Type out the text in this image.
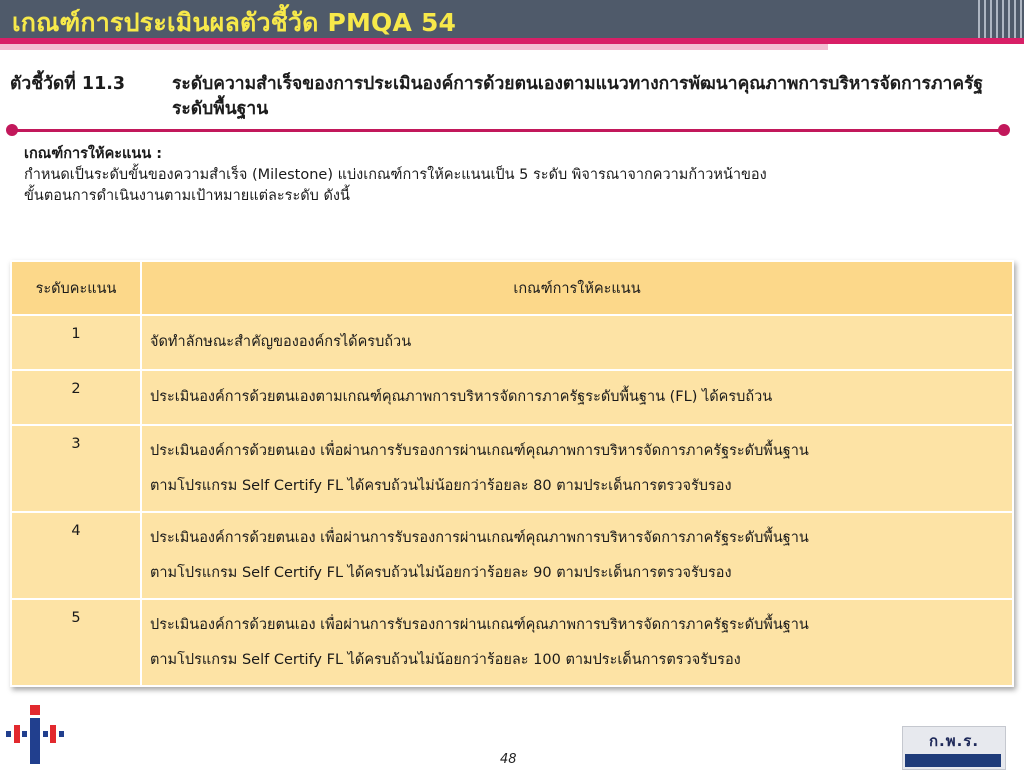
เกณฑ์การประเมินผลตัวชี้วัด PMQA 54
ตัวชี้วัดที่ 11.3	ระดับความสำเร็จของการประเมินองค์การด้วยตนเองตามแนวทางการพัฒนาคุณภาพการบริหารจัดการภาครัฐระดับพื้นฐาน
เกณฑ์การให้คะแนน :
กำหนดเป็นระดับขั้นของความสำเร็จ (Milestone) แบ่งเกณฑ์การให้คะแนนเป็น 5 ระดับ พิจารณาจากความก้าวหน้าของ
ขั้นตอนการดำเนินงานตามเป้าหมายแต่ละระดับ ดังนี้
ระดับคะแนน	เกณฑ์การให้คะแนน
1	จัดทำลักษณะสำคัญขององค์กรได้ครบถ้วน

2	ประเมินองค์การด้วยตนเองตามเกณฑ์คุณภาพการบริหารจัดการภาครัฐระดับพื้นฐาน (FL) ได้ครบถ้วน

3	ประเมินองค์การด้วยตนเอง เพื่อผ่านการรับรองการผ่านเกณฑ์คุณภาพการบริหารจัดการภาครัฐระดับพื้นฐาน
ตามโปรแกรม Self Certify FL ได้ครบถ้วนไม่น้อยกว่าร้อยละ 80 ตามประเด็นการตรวจรับรอง

4	ประเมินองค์การด้วยตนเอง เพื่อผ่านการรับรองการผ่านเกณฑ์คุณภาพการบริหารจัดการภาครัฐระดับพื้นฐาน
ตามโปรแกรม Self Certify FL ได้ครบถ้วนไม่น้อยกว่าร้อยละ 90 ตามประเด็นการตรวจรับรอง

5	ประเมินองค์การด้วยตนเอง เพื่อผ่านการรับรองการผ่านเกณฑ์คุณภาพการบริหารจัดการภาครัฐระดับพื้นฐาน
ตามโปรแกรม Self Certify FL ได้ครบถ้วนไม่น้อยกว่าร้อยละ 100 ตามประเด็นการตรวจรับรอง
48
ก.พ.ร.
